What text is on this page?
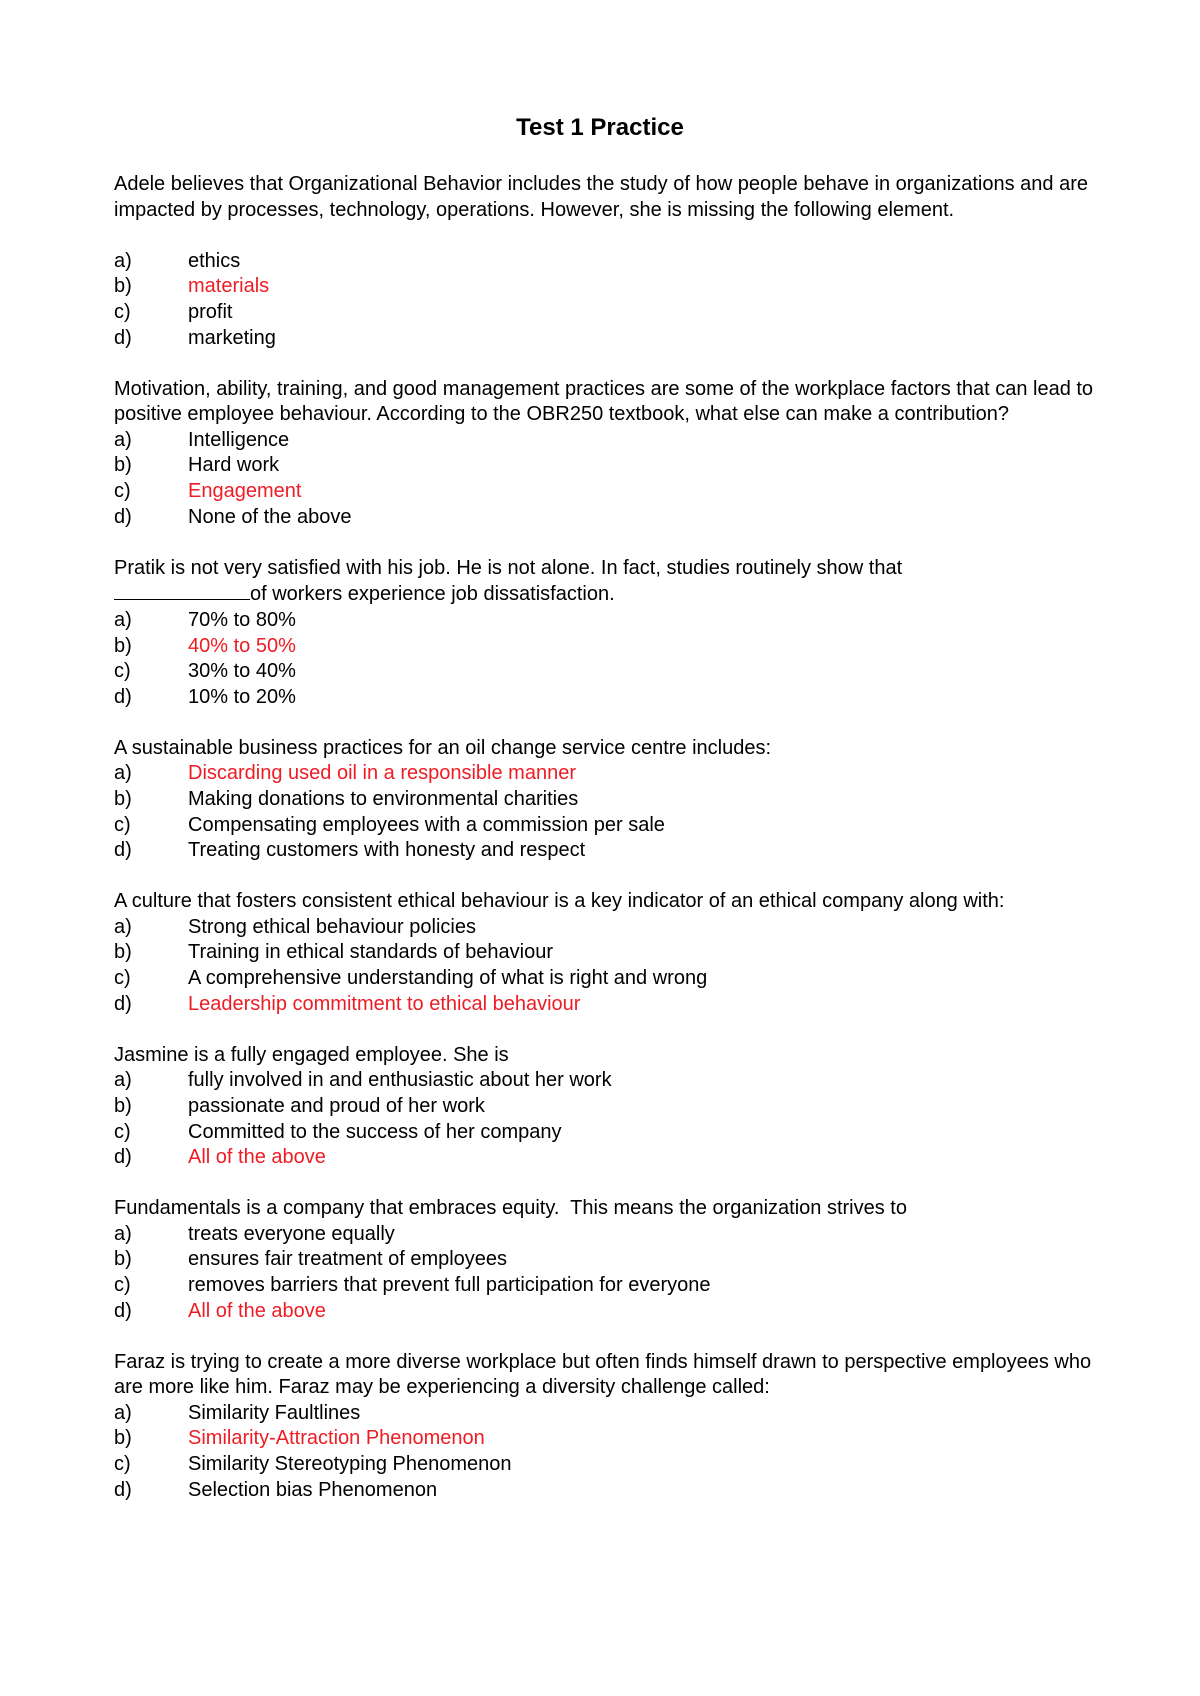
Test 1 Practice
Adele believes that Organizational Behavior includes the study of how people behave in organizations and are impacted by processes, technology, operations. However, she is missing the following element.
a)	ethics
b)	materials
c)	profit
d)	marketing
Motivation, ability, training, and good management practices are some of the workplace factors that can lead to positive employee behaviour. According to the OBR250 textbook, what else can make a contribution?
a)	Intelligence
b)	Hard work
c)	Engagement
d)	None of the above
Pratik is not very satisfied with his job. He is not alone. In fact, studies routinely show that
of workers experience job dissatisfaction.
a)	70% to 80%
b)	40% to 50%
c)	30% to 40%
d)	10% to 20%
A sustainable business practices for an oil change service centre includes:
a)	Discarding used oil in a responsible manner
b)	Making donations to environmental charities
c)	Compensating employees with a commission per sale
d)	Treating customers with honesty and respect
A culture that fosters consistent ethical behaviour is a key indicator of an ethical company along with:
a)	Strong ethical behaviour policies
b)	Training in ethical standards of behaviour
c)	A comprehensive understanding of what is right and wrong
d)	Leadership commitment to ethical behaviour
Jasmine is a fully engaged employee. She is
a)	fully involved in and enthusiastic about her work
b)	passionate and proud of her work
c)	Committed to the success of her company
d)	All of the above
Fundamentals is a company that embraces equity.  This means the organization strives to
a)	treats everyone equally
b)	ensures fair treatment of employees
c)	removes barriers that prevent full participation for everyone
d)	All of the above
Faraz is trying to create a more diverse workplace but often finds himself drawn to perspective employees who are more like him. Faraz may be experiencing a diversity challenge called:
a)	Similarity Faultlines
b)	Similarity-Attraction Phenomenon
c)	Similarity Stereotyping Phenomenon
d)	Selection bias Phenomenon
